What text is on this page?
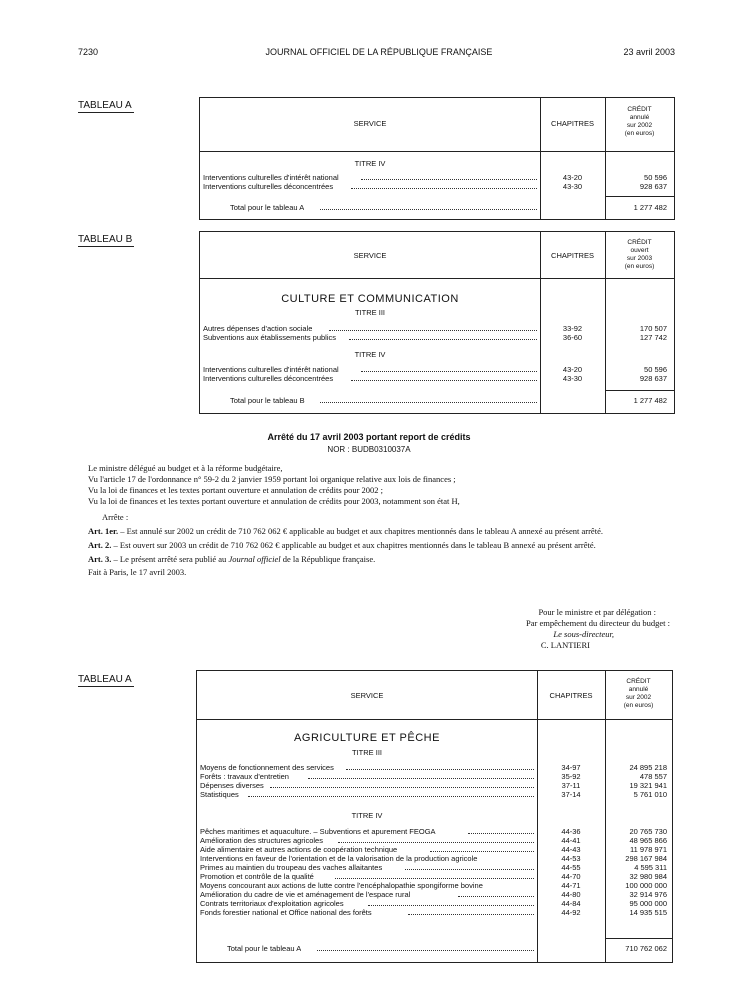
7230	JOURNAL OFFICIEL DE LA RÉPUBLIQUE FRANÇAISE	23 avril 2003
TABLEAU A
SERVICE	CHAPITRES
CRÉDIT
annulé
sur 2002
(en euros)
TITRE IV
Interventions culturelles d'intérêt national	43-20	50 596
Interventions culturelles déconcentrées	43-30	928 637
Total pour le tableau A	1 277 482
TABLEAU B
SERVICE	CHAPITRES
CRÉDIT
ouvert
sur 2003
(en euros)
CULTURE ET COMMUNICATION
TITRE III
Autres dépenses d'action sociale	33-92	170 507
Subventions aux établissements publics	36-60	127 742
TITRE IV
Interventions culturelles d'intérêt national	43-20	50 596
Interventions culturelles déconcentrées	43-30	928 637
Total pour le tableau B	1 277 482
Arrêté du 17 avril 2003 portant report de crédits
NOR : BUDB0310037A

Le ministre délégué au budget et à la réforme budgétaire,

Vu l'article 17 de l'ordonnance n° 59-2 du 2 janvier 1959 portant loi organique relative aux lois de finances ;

Vu la loi de finances et les textes portant ouverture et annulation de crédits pour 2002 ;

Vu la loi de finances et les textes portant ouverture et annulation de crédits pour 2003, notamment son état H,

Arrête :

Art. 1er. – Est annulé sur 2002 un crédit de 710 762 062 € applicable au budget et aux chapitres mentionnés dans le tableau A annexé au présent arrêté.

Art. 2. – Est ouvert sur 2003 un crédit de 710 762 062 € applicable au budget et aux chapitres mentionnés dans le tableau B annexé au présent arrêté.

Art. 3. – Le présent arrêté sera publié au Journal officiel de la République française.

Fait à Paris, le 17 avril 2003.

Pour le ministre et par délégation :

Par empêchement du directeur du budget :

Le sous-directeur,

C. LANTIERI

TABLEAU A
SERVICE	CHAPITRES
CRÉDIT
annulé
sur 2002
(en euros)
AGRICULTURE ET PÊCHE
TITRE III
Moyens de fonctionnement des services	34-97	24 895 218
Forêts : travaux d'entretien	35-92	478 557
Dépenses diverses	37-11	19 321 941
Statistiques	37-14	5 761 010
TITRE IV
Pêches maritimes et aquaculture. – Subventions et apurement FEOGA	44-36	20 765 730
Amélioration des structures agricoles	44-41	48 965 866
Aide alimentaire et autres actions de coopération technique	44-43	11 978 971
Interventions en faveur de l'orientation et de la valorisation de la production agricole	44-53	298 167 984
Primes au maintien du troupeau des vaches allaitantes	44-55	4 595 311
Promotion et contrôle de la qualité	44-70	32 980 984
Moyens concourant aux actions de lutte contre l'encéphalopathie spongiforme bovine	44-71	100 000 000
Amélioration du cadre de vie et aménagement de l'espace rural	44-80	32 914 976
Contrats territoriaux d'exploitation agricoles	44-84	95 000 000
Fonds forestier national et Office national des forêts	44-92	14 935 515
Total pour le tableau A	710 762 062
